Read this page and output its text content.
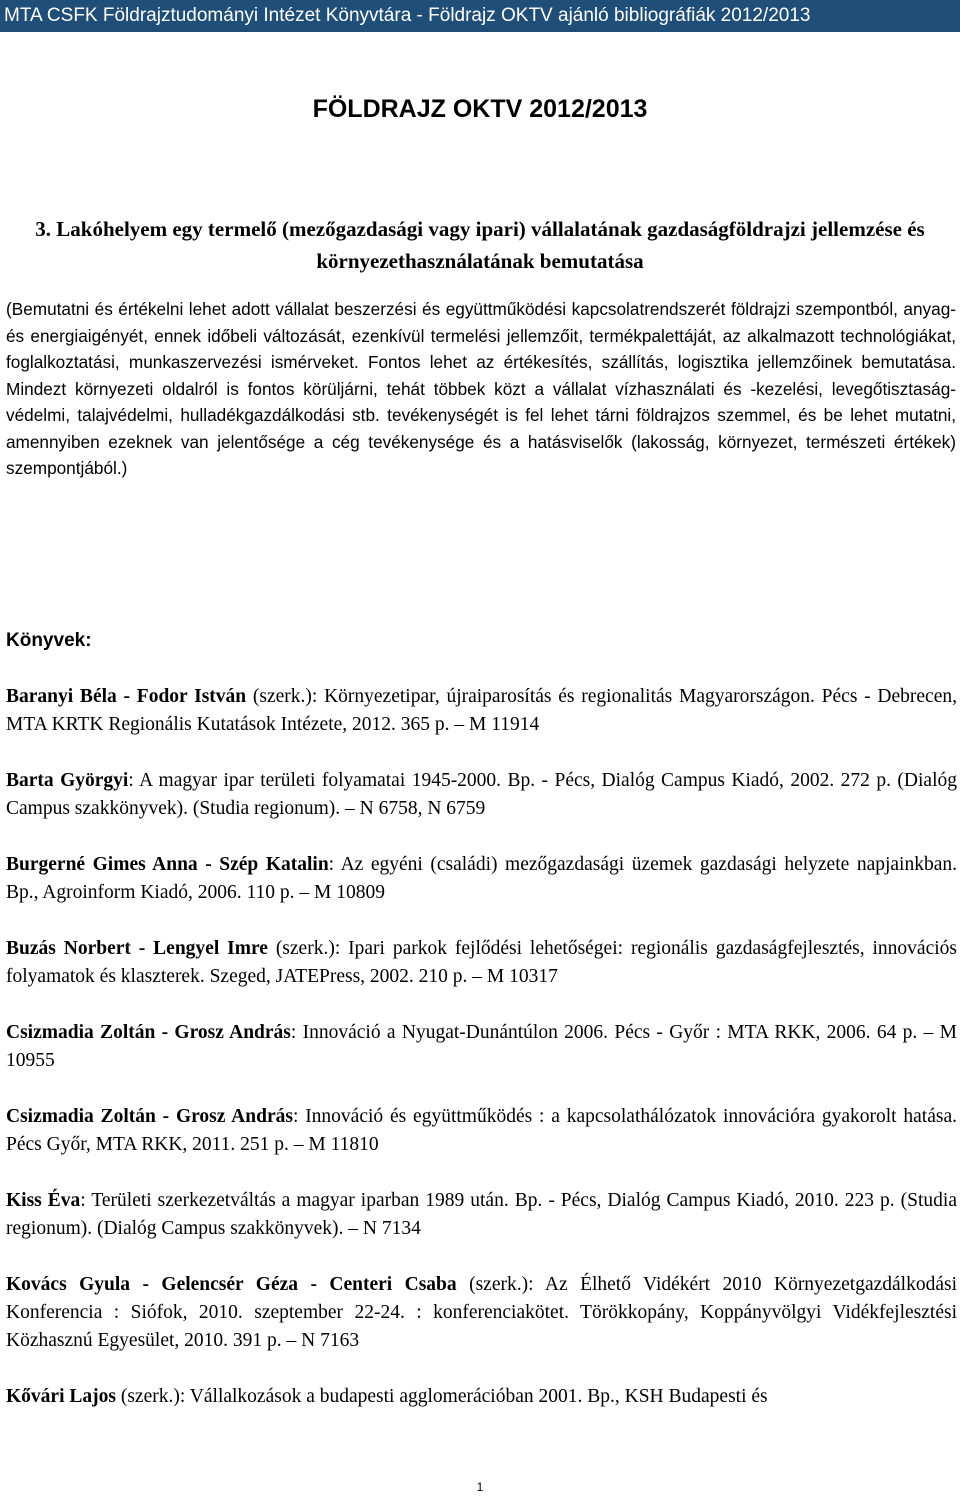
MTA CSFK Földrajztudományi Intézet Könyvtára - Földrajz OKTV ajánló bibliográfiák 2012/2013
FÖLDRAJZ OKTV 2012/2013
3. Lakóhelyem egy termelő (mezőgazdasági vagy ipari) vállalatának gazdaságföldrajzi jellemzése és környezethasználatának bemutatása
(Bemutatni és értékelni lehet adott vállalat beszerzési és együttműködési kapcsolatrendszerét földrajzi szempontból, anyag- és energiaigényét, ennek időbeli változását, ezenkívül termelési jellemzőit, termékpalettáját, az alkalmazott technológiákat, foglalkoztatási, munkaszervezési ismérveket. Fontos lehet az értékesítés, szállítás, logisztika jellemzőinek bemutatása. Mindezt környezeti oldalról is fontos körüljárni, tehát többek közt a vállalat vízhasználati és -kezelési, levegőtisztaság-védelmi, talajvédelmi, hulladékgazdálkodási stb. tevékenységét is fel lehet tárni földrajzos szemmel, és be lehet mutatni, amennyiben ezeknek van jelentősége a cég tevékenysége és a hatásviselők (lakosság, környezet, természeti értékek) szempontjából.)
Könyvek:

Baranyi Béla - Fodor István (szerk.): Környezetipar, újraiparosítás és regionalitás Magyarországon. Pécs - Debrecen, MTA KRTK Regionális Kutatások Intézete, 2012. 365 p. – M 11914

Barta Györgyi: A magyar ipar területi folyamatai 1945-2000. Bp. - Pécs, Dialóg Campus Kiadó, 2002. 272 p. (Dialóg Campus szakkönyvek). (Studia regionum). – N 6758, N 6759

Burgerné Gimes Anna - Szép Katalin: Az egyéni (családi) mezőgazdasági üzemek gazdasági helyzete napjainkban. Bp., Agroinform Kiadó, 2006. 110 p. – M 10809

Buzás Norbert - Lengyel Imre (szerk.): Ipari parkok fejlődési lehetőségei: regionális gazdaságfejlesztés, innovációs folyamatok és klaszterek. Szeged, JATEPress, 2002. 210 p. – M 10317

Csizmadia Zoltán - Grosz András: Innováció a Nyugat-Dunántúlon 2006. Pécs - Győr : MTA RKK, 2006. 64 p. – M 10955

Csizmadia Zoltán - Grosz András: Innováció és együttműködés : a kapcsolathálózatok innovációra gyakorolt hatása. Pécs Győr, MTA RKK, 2011. 251 p. – M 11810

Kiss Éva: Területi szerkezetváltás a magyar iparban 1989 után. Bp. - Pécs, Dialóg Campus Kiadó, 2010. 223 p. (Studia regionum). (Dialóg Campus szakkönyvek). – N 7134

Kovács Gyula - Gelencsér Géza - Centeri Csaba (szerk.): Az Élhető Vidékért 2010 Környezetgazdálkodási Konferencia : Siófok, 2010. szeptember 22-24. : konferenciakötet. Törökkopány, Koppányvölgyi Vidékfejlesztési Közhasznú Egyesület, 2010. 391 p. – N 7163

Kővári Lajos (szerk.): Vállalkozások a budapesti agglomerációban 2001. Bp., KSH Budapesti és

1
